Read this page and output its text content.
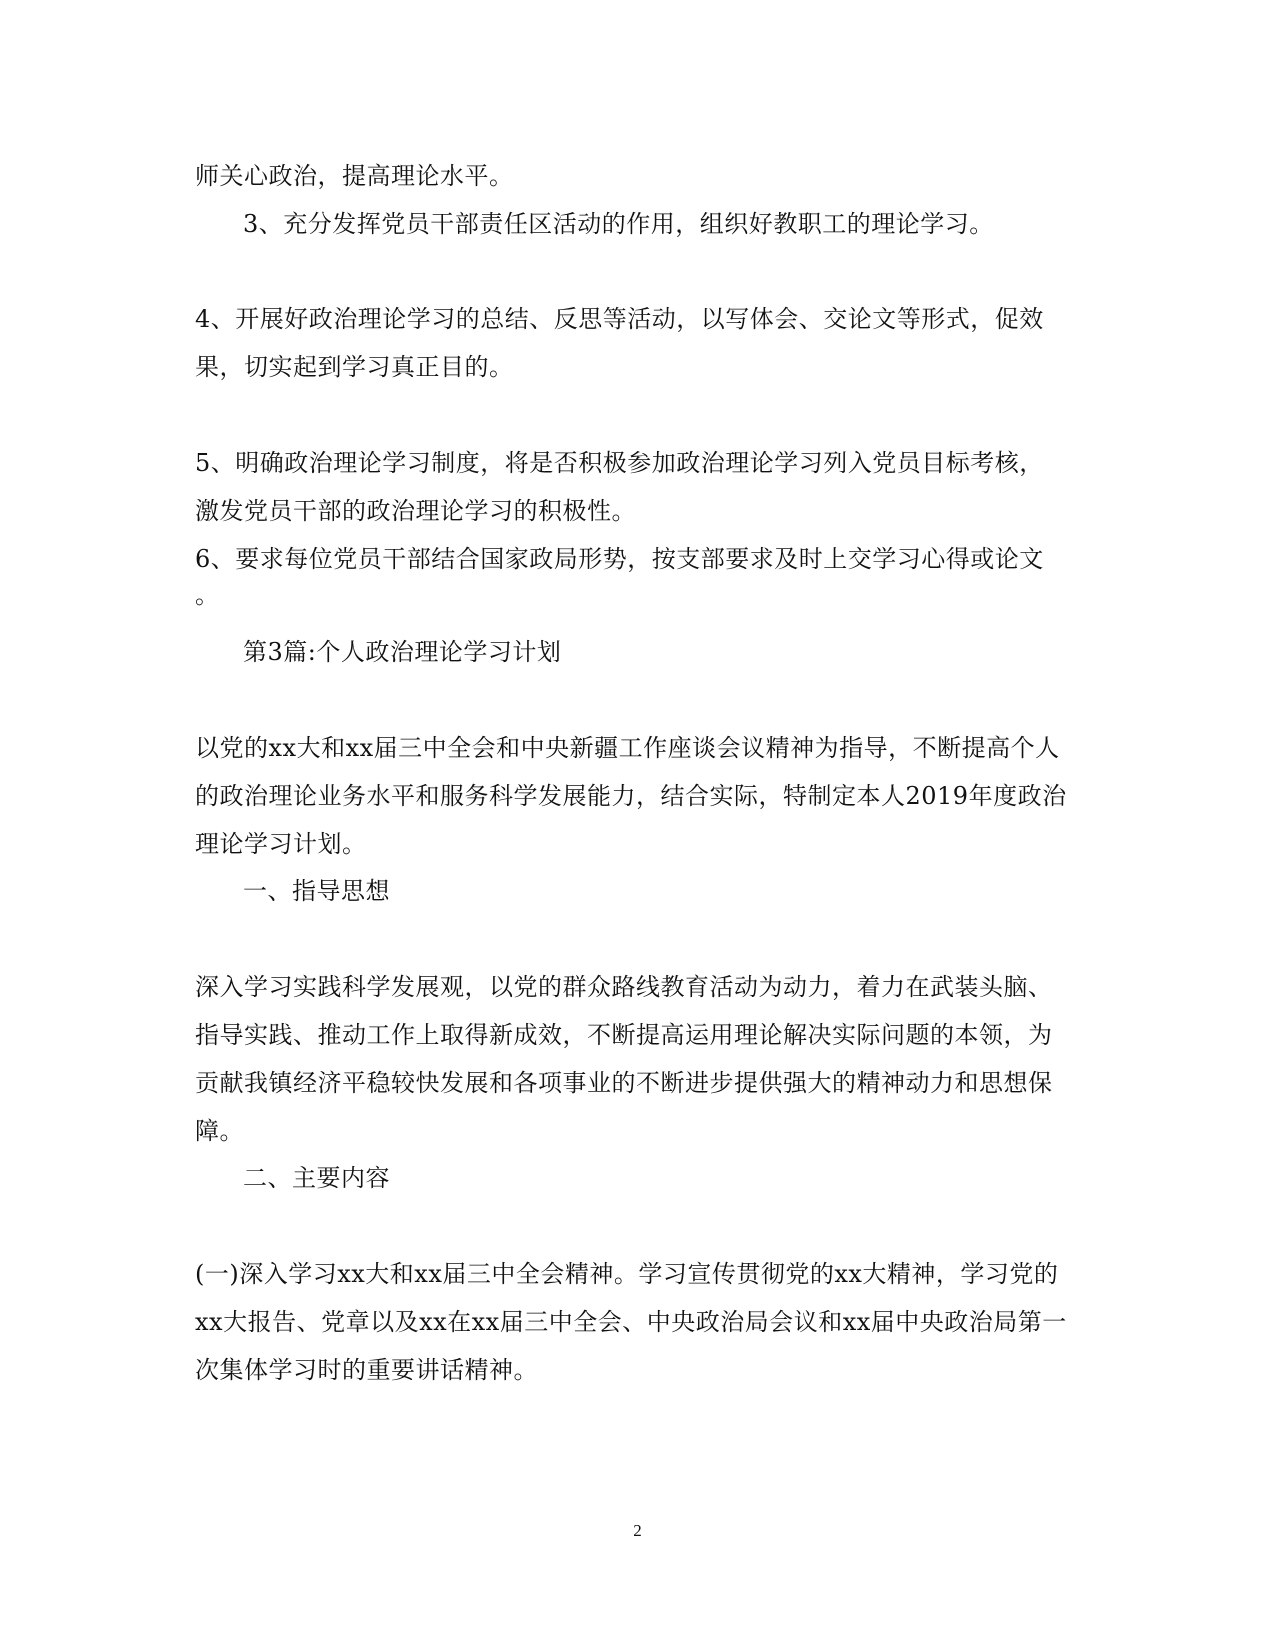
师关心政治，提高理论水平。
3、充分发挥党员干部责任区活动的作用，组织好教职工的理论学习。
4、开展好政治理论学习的总结、反思等活动，以写体会、交论文等形式，促效
果，切实起到学习真正目的。
5、明确政治理论学习制度，将是否积极参加政治理论学习列入党员目标考核，
激发党员干部的政治理论学习的积极性。
6、要求每位党员干部结合国家政局形势，按支部要求及时上交学习心得或论文
。
第3篇:个人政治理论学习计划
以党的xx大和xx届三中全会和中央新疆工作座谈会议精神为指导，不断提高个人
的政治理论业务水平和服务科学发展能力，结合实际，特制定本人2019年度政治
理论学习计划。
一、指导思想
深入学习实践科学发展观，以党的群众路线教育活动为动力，着力在武装头脑、
指导实践、推动工作上取得新成效，不断提高运用理论解决实际问题的本领，为
贡献我镇经济平稳较快发展和各项事业的不断进步提供强大的精神动力和思想保
障。
二、主要内容
(一)深入学习xx大和xx届三中全会精神。学习宣传贯彻党的xx大精神，学习党的
xx大报告、党章以及xx在xx届三中全会、中央政治局会议和xx届中央政治局第一
次集体学习时的重要讲话精神。
2
